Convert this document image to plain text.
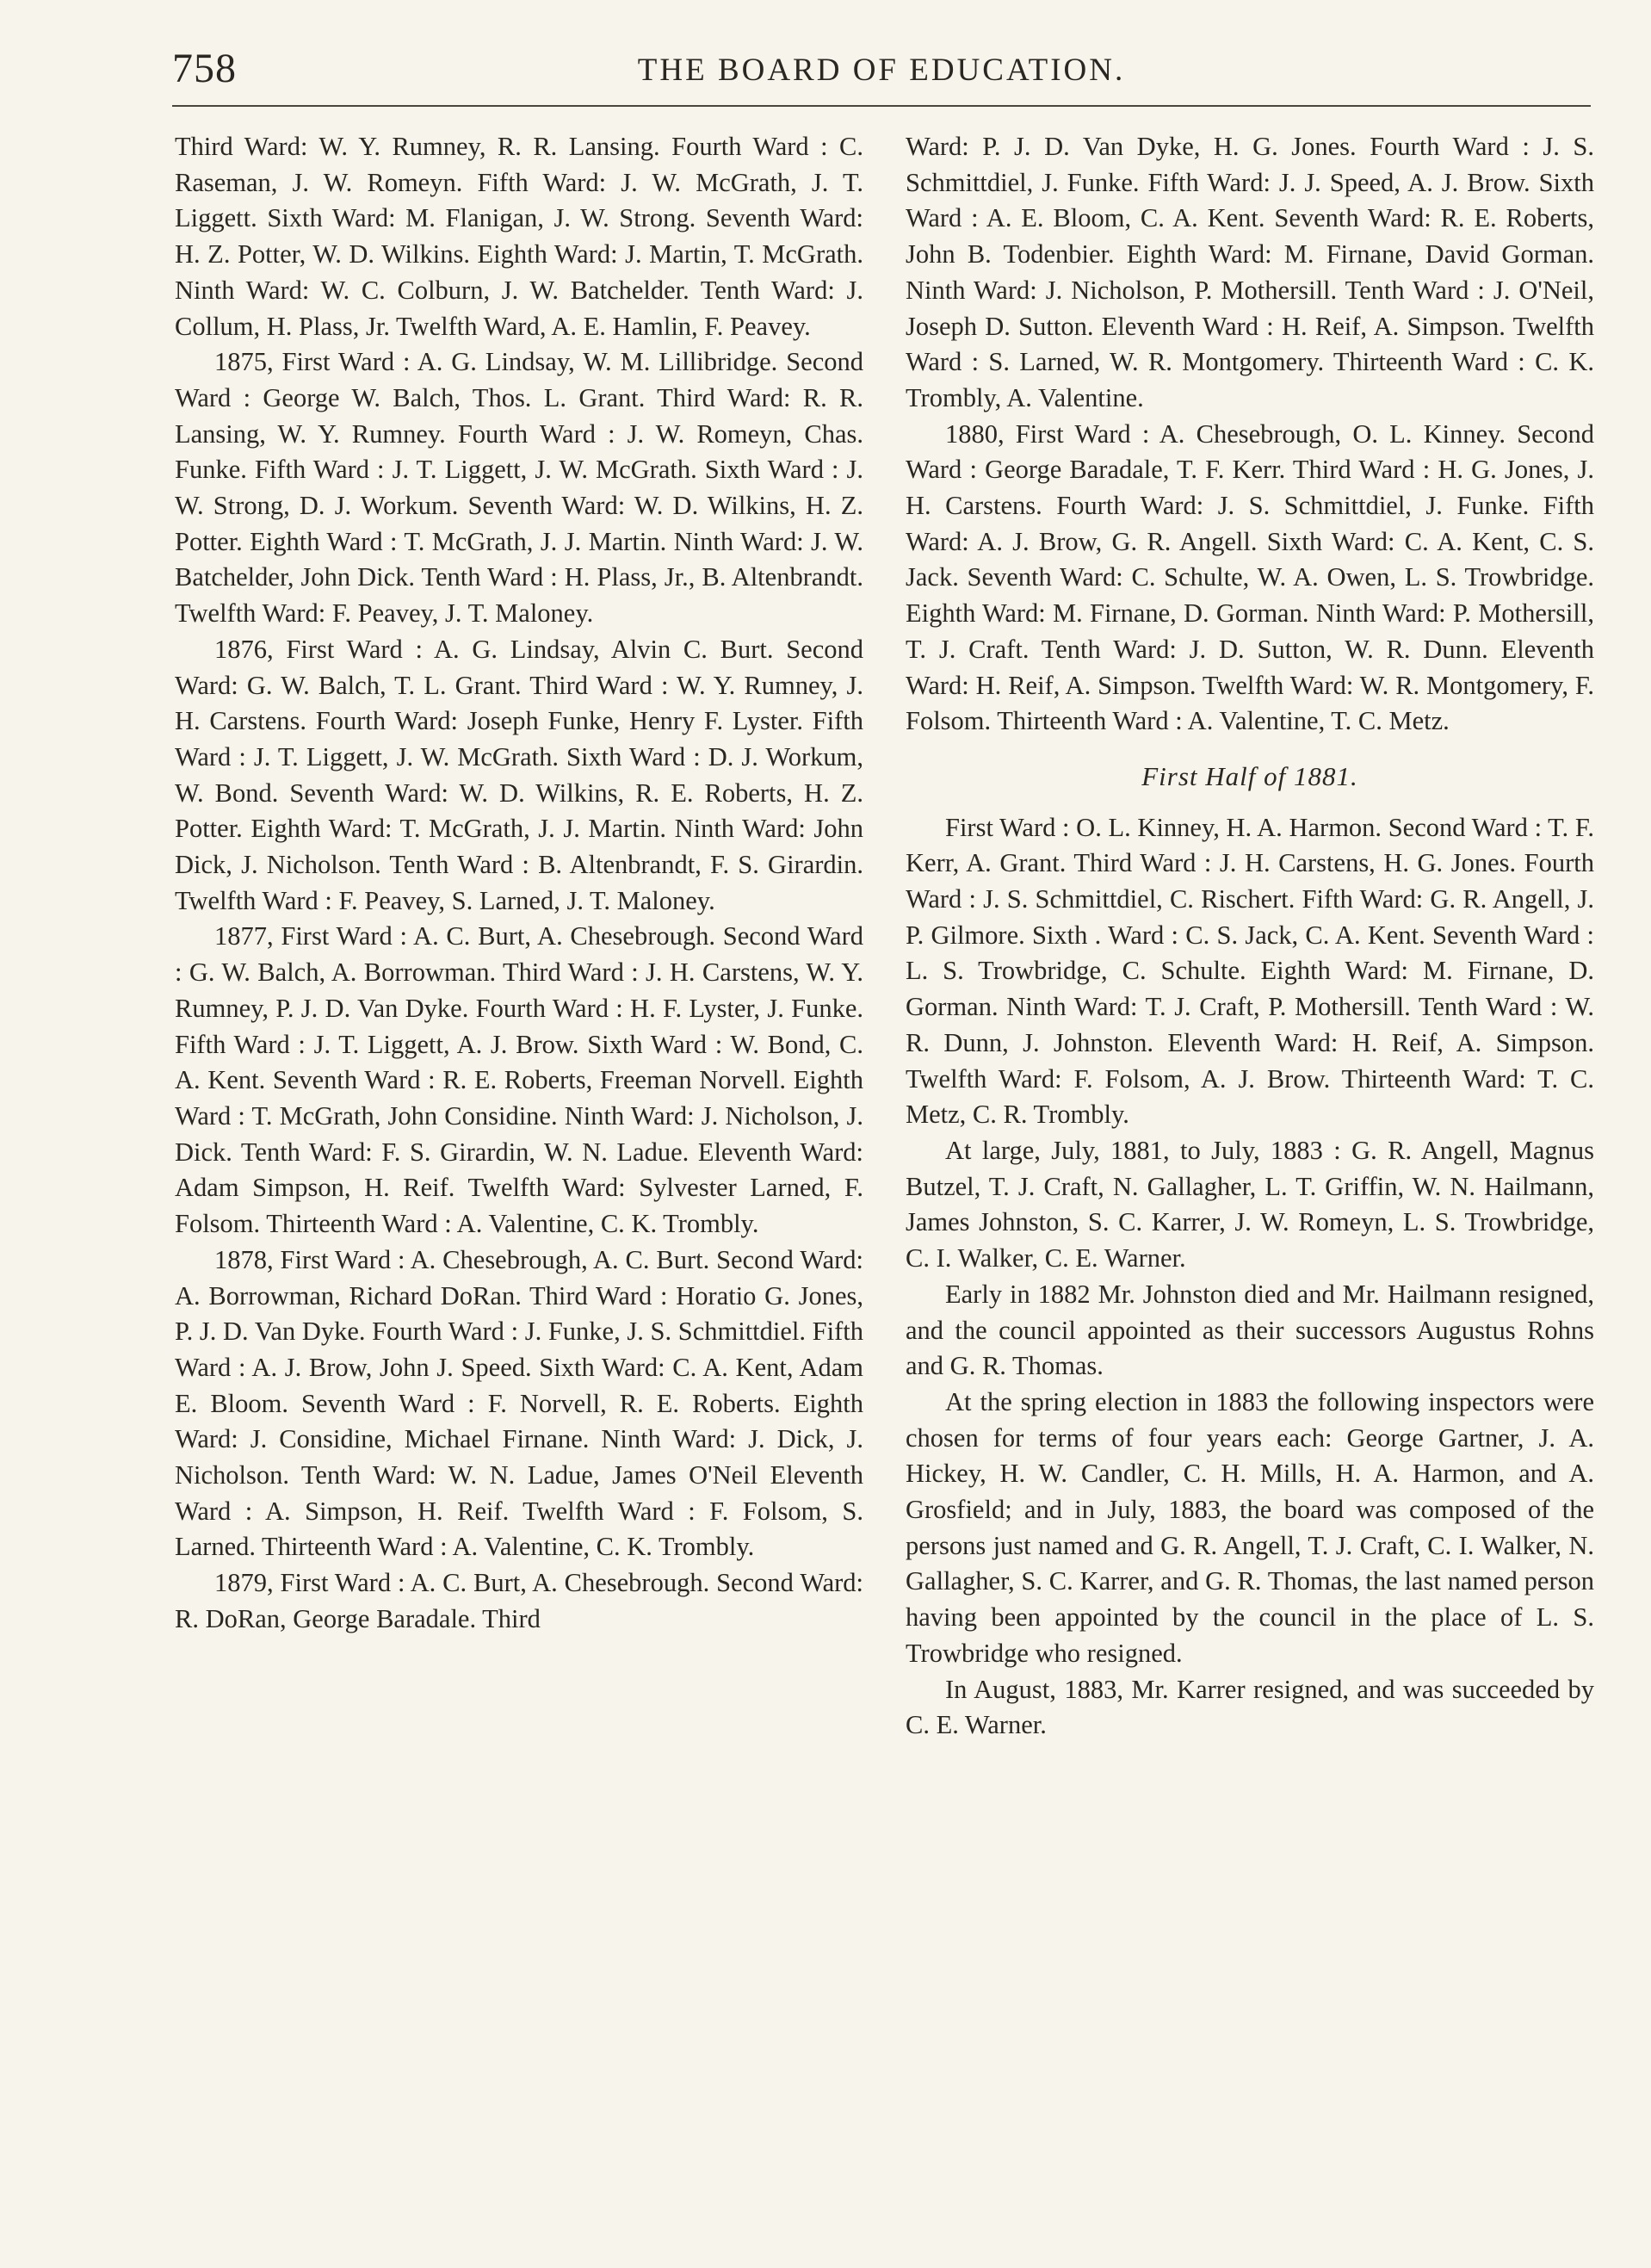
758	THE BOARD OF EDUCATION.

Third Ward: W. Y. Rumney, R. R. Lansing. Fourth Ward : C. Raseman, J. W. Romeyn. Fifth Ward: J. W. McGrath, J. T. Liggett. Sixth Ward: M. Flanigan, J. W. Strong. Seventh Ward: H. Z. Potter, W. D. Wilkins. Eighth Ward: J. Martin, T. McGrath. Ninth Ward: W. C. Colburn, J. W. Batchelder. Tenth Ward: J. Collum, H. Plass, Jr. Twelfth Ward, A. E. Hamlin, F. Peavey.

1875, First Ward : A. G. Lindsay, W. M. Lillibridge. Second Ward : George W. Balch, Thos. L. Grant. Third Ward: R. R. Lansing, W. Y. Rumney. Fourth Ward : J. W. Romeyn, Chas. Funke. Fifth Ward : J. T. Liggett, J. W. McGrath. Sixth Ward : J. W. Strong, D. J. Workum. Seventh Ward: W. D. Wilkins, H. Z. Potter. Eighth Ward : T. McGrath, J. J. Martin. Ninth Ward: J. W. Batchelder, John Dick. Tenth Ward : H. Plass, Jr., B. Altenbrandt. Twelfth Ward: F. Peavey, J. T. Maloney.

1876, First Ward : A. G. Lindsay, Alvin C. Burt. Second Ward: G. W. Balch, T. L. Grant. Third Ward : W. Y. Rumney, J. H. Carstens. Fourth Ward: Joseph Funke, Henry F. Lyster. Fifth Ward : J. T. Liggett, J. W. McGrath. Sixth Ward : D. J. Workum, W. Bond. Seventh Ward: W. D. Wilkins, R. E. Roberts, H. Z. Potter. Eighth Ward: T. McGrath, J. J. Martin. Ninth Ward: John Dick, J. Nicholson. Tenth Ward : B. Altenbrandt, F. S. Girardin. Twelfth Ward : F. Peavey, S. Larned, J. T. Maloney.

1877, First Ward : A. C. Burt, A. Chesebrough. Second Ward : G. W. Balch, A. Borrowman. Third Ward : J. H. Carstens, W. Y. Rumney, P. J. D. Van Dyke. Fourth Ward : H. F. Lyster, J. Funke. Fifth Ward : J. T. Liggett, A. J. Brow. Sixth Ward : W. Bond, C. A. Kent. Seventh Ward : R. E. Roberts, Freeman Norvell. Eighth Ward : T. McGrath, John Considine. Ninth Ward: J. Nicholson, J. Dick. Tenth Ward: F. S. Girardin, W. N. Ladue. Eleventh Ward: Adam Simpson, H. Reif. Twelfth Ward: Sylvester Larned, F. Folsom. Thirteenth Ward : A. Valentine, C. K. Trombly.

1878, First Ward : A. Chesebrough, A. C. Burt. Second Ward: A. Borrowman, Richard DoRan. Third Ward : Horatio G. Jones, P. J. D. Van Dyke. Fourth Ward : J. Funke, J. S. Schmittdiel. Fifth Ward : A. J. Brow, John J. Speed. Sixth Ward: C. A. Kent, Adam E. Bloom. Seventh Ward : F. Norvell, R. E. Roberts. Eighth Ward: J. Considine, Michael Firnane. Ninth Ward: J. Dick, J. Nicholson. Tenth Ward: W. N. Ladue, James O'Neil Eleventh Ward : A. Simpson, H. Reif. Twelfth Ward : F. Folsom, S. Larned. Thirteenth Ward : A. Valentine, C. K. Trombly.

1879, First Ward : A. C. Burt, A. Chesebrough. Second Ward: R. DoRan, George Baradale. Third

Ward: P. J. D. Van Dyke, H. G. Jones. Fourth Ward : J. S. Schmittdiel, J. Funke. Fifth Ward: J. J. Speed, A. J. Brow. Sixth Ward : A. E. Bloom, C. A. Kent. Seventh Ward: R. E. Roberts, John B. Todenbier. Eighth Ward: M. Firnane, David Gorman. Ninth Ward: J. Nicholson, P. Mothersill. Tenth Ward : J. O'Neil, Joseph D. Sutton. Eleventh Ward : H. Reif, A. Simpson. Twelfth Ward : S. Larned, W. R. Montgomery. Thirteenth Ward : C. K. Trombly, A. Valentine.

1880, First Ward : A. Chesebrough, O. L. Kinney. Second Ward : George Baradale, T. F. Kerr. Third Ward : H. G. Jones, J. H. Carstens. Fourth Ward: J. S. Schmittdiel, J. Funke. Fifth Ward: A. J. Brow, G. R. Angell. Sixth Ward: C. A. Kent, C. S. Jack. Seventh Ward: C. Schulte, W. A. Owen, L. S. Trowbridge. Eighth Ward: M. Firnane, D. Gorman. Ninth Ward: P. Mothersill, T. J. Craft. Tenth Ward: J. D. Sutton, W. R. Dunn. Eleventh Ward: H. Reif, A. Simpson. Twelfth Ward: W. R. Montgomery, F. Folsom. Thirteenth Ward : A. Valentine, T. C. Metz.

First Half of 1881.

First Ward : O. L. Kinney, H. A. Harmon. Second Ward : T. F. Kerr, A. Grant. Third Ward : J. H. Carstens, H. G. Jones. Fourth Ward : J. S. Schmittdiel, C. Rischert. Fifth Ward: G. R. Angell, J. P. Gilmore. Sixth . Ward : C. S. Jack, C. A. Kent. Seventh Ward : L. S. Trowbridge, C. Schulte. Eighth Ward: M. Firnane, D. Gorman. Ninth Ward: T. J. Craft, P. Mothersill. Tenth Ward : W. R. Dunn, J. Johnston. Eleventh Ward: H. Reif, A. Simpson. Twelfth Ward: F. Folsom, A. J. Brow. Thirteenth Ward: T. C. Metz, C. R. Trombly.

At large, July, 1881, to July, 1883 : G. R. Angell, Magnus Butzel, T. J. Craft, N. Gallagher, L. T. Griffin, W. N. Hailmann, James Johnston, S. C. Karrer, J. W. Romeyn, L. S. Trowbridge, C. I. Walker, C. E. Warner.

Early in 1882 Mr. Johnston died and Mr. Hailmann resigned, and the council appointed as their successors Augustus Rohns and G. R. Thomas.

At the spring election in 1883 the following inspectors were chosen for terms of four years each: George Gartner, J. A. Hickey, H. W. Candler, C. H. Mills, H. A. Harmon, and A. Grosfield; and in July, 1883, the board was composed of the persons just named and G. R. Angell, T. J. Craft, C. I. Walker, N. Gallagher, S. C. Karrer, and G. R. Thomas, the last named person having been appointed by the council in the place of L. S. Trowbridge who resigned.

In August, 1883, Mr. Karrer resigned, and was succeeded by C. E. Warner.
